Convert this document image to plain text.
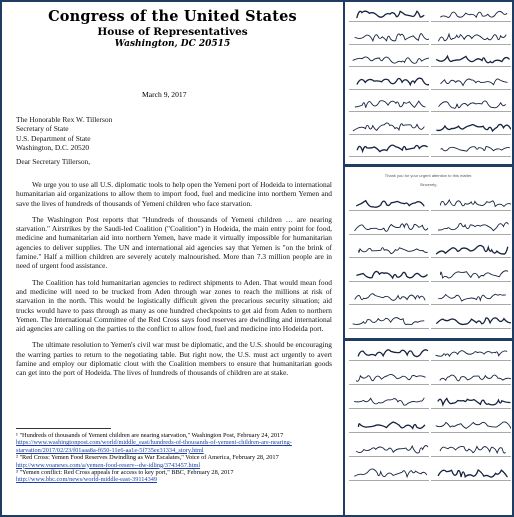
Congress of the United States
House of Representatives
Washington, DC 20515
March 9, 2017
The Honorable Rex W. Tillerson
Secretary of State
U.S. Department of State
Washington, D.C. 20520
Dear Secretary Tillerson,

We urge you to use all U.S. diplomatic tools to help open the Yemeni port of Hodeida to international humanitarian aid organizations to allow them to import food, fuel and medicine into northern Yemen and save the lives of hundreds of thousands of Yemeni children who face starvation.

The Washington Post reports that "Hundreds of thousands of Yemeni children … are nearing starvation." Airstrikes by the Saudi-led Coalition ("Coalition") in Hodeida, the main entry point for food, medicine and humanitarian aid into northern Yemen, have made it virtually impossible for humanitarian agencies to deliver supplies. The UN and international aid agencies say that Yemen is "on the brink of famine." Half a million children are severely acutely malnourished. More than 7.3 million people are in need of urgent food assistance.

The Coalition has told humanitarian agencies to redirect shipments to Aden. That would mean food and medicine will need to be trucked from Aden through war zones to reach the millions at risk of starvation in the north. This would be logistically difficult given the precarious security situation; aid trucks would have to pass through as many as one hundred checkpoints to get aid from Aden to northern Yemen. The International Committee of the Red Cross says food reserves are dwindling and international aid agencies are calling on the parties to the conflict to allow food, fuel and medicine into Hodeida port.

The ultimate resolution to Yemen's civil war must be diplomatic, and the U.S. should be encouraging the warring parties to return to the negotiating table. But right now, the U.S. must act urgently to avert famine and employ our diplomatic clout with the Coalition members to ensure that humanitarian goods can get into the port of Hodeida. The lives of hundreds of thousands of children are at stake.

¹ "Hundreds of thousands of Yemeni children are nearing starvation," Washington Post, February 24, 2017
https://www.washingtonpost.com/world/middle_east/hundreds-of-thousands-of-yemeni-children-are-nearing-starvation/2017/02/23/f01aaa8a-f650-11e6-aa1e-5f735ee31334_story.html
² "Red Cross: Yemen Food Reserves Dwindling as War Escalates," Voice of America, February 28, 2017
http://www.voanews.com/a/yemen-food-reserv--dw-idling/3743457.html
³ "Yemen conflict: Red Cross appeals for access to key port," BBC, February 28, 2017
http://www.bbc.com/news/world-middle-east-39114349

Thank you for your urgent attention to this matter.
Sincerely,
